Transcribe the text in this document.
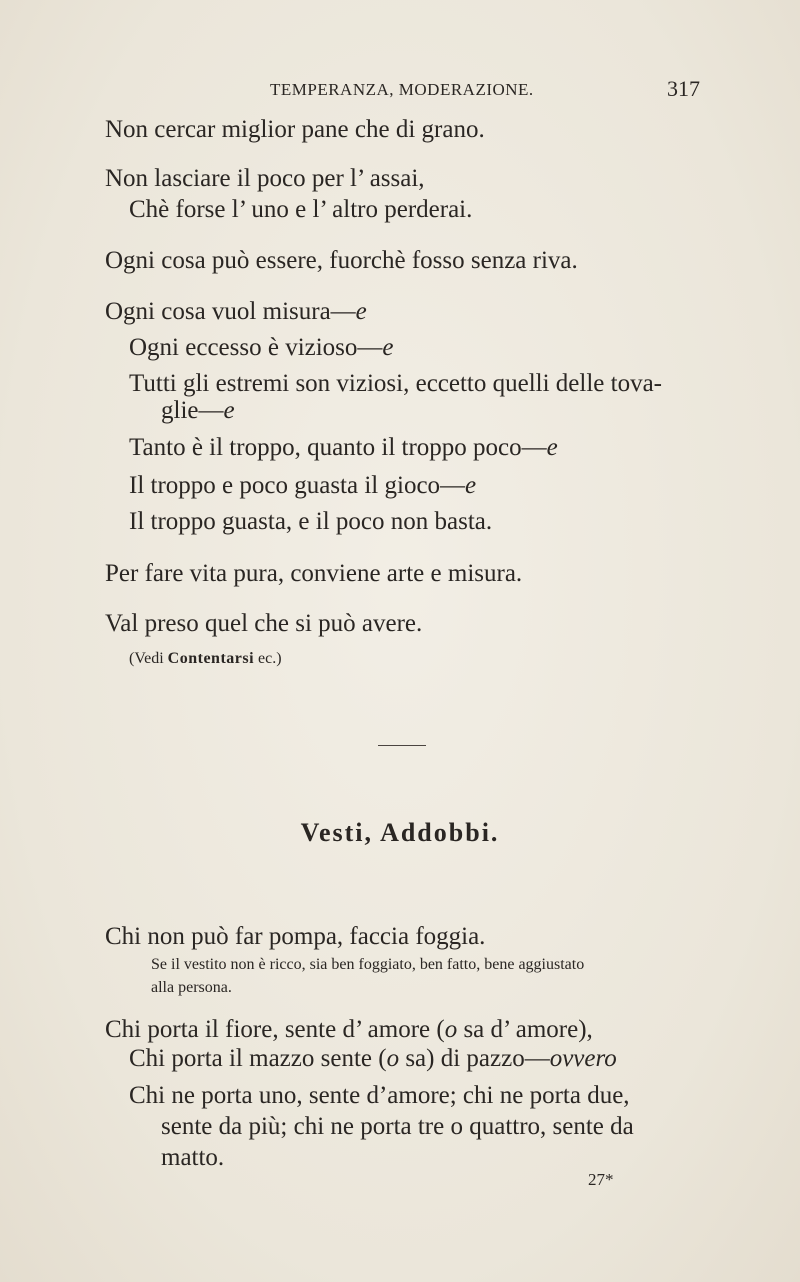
TEMPERANZA, MODERAZIONE.	317
Non cercar miglior pane che di grano.
Non lasciare il poco per l’ assai,
Chè forse l’ uno e l’ altro perderai.
Ogni cosa può essere, fuorchè fosso senza riva.
Ogni cosa vuol misura—e
Ogni eccesso è vizioso—e
Tutti gli estremi son viziosi, eccetto quelli delle tova-
glie—e
Tanto è il troppo, quanto il troppo poco—e
Il troppo e poco guasta il gioco—e
Il troppo guasta, e il poco non basta.
Per fare vita pura, conviene arte e misura.
Val preso quel che si può avere.
(Vedi Contentarsi ec.)
Vesti, Addobbi.
Chi non può far pompa, faccia foggia.
Se il vestito non è ricco, sia ben foggiato, ben fatto, bene aggiustato
alla persona.
Chi porta il fiore, sente d’ amore (o sa d’ amore),
Chi porta il mazzo sente (o sa) di pazzo—ovvero
Chi ne porta uno, sente d’amore; chi ne porta due,
sente da più; chi ne porta tre o quattro, sente da
matto.
27*
